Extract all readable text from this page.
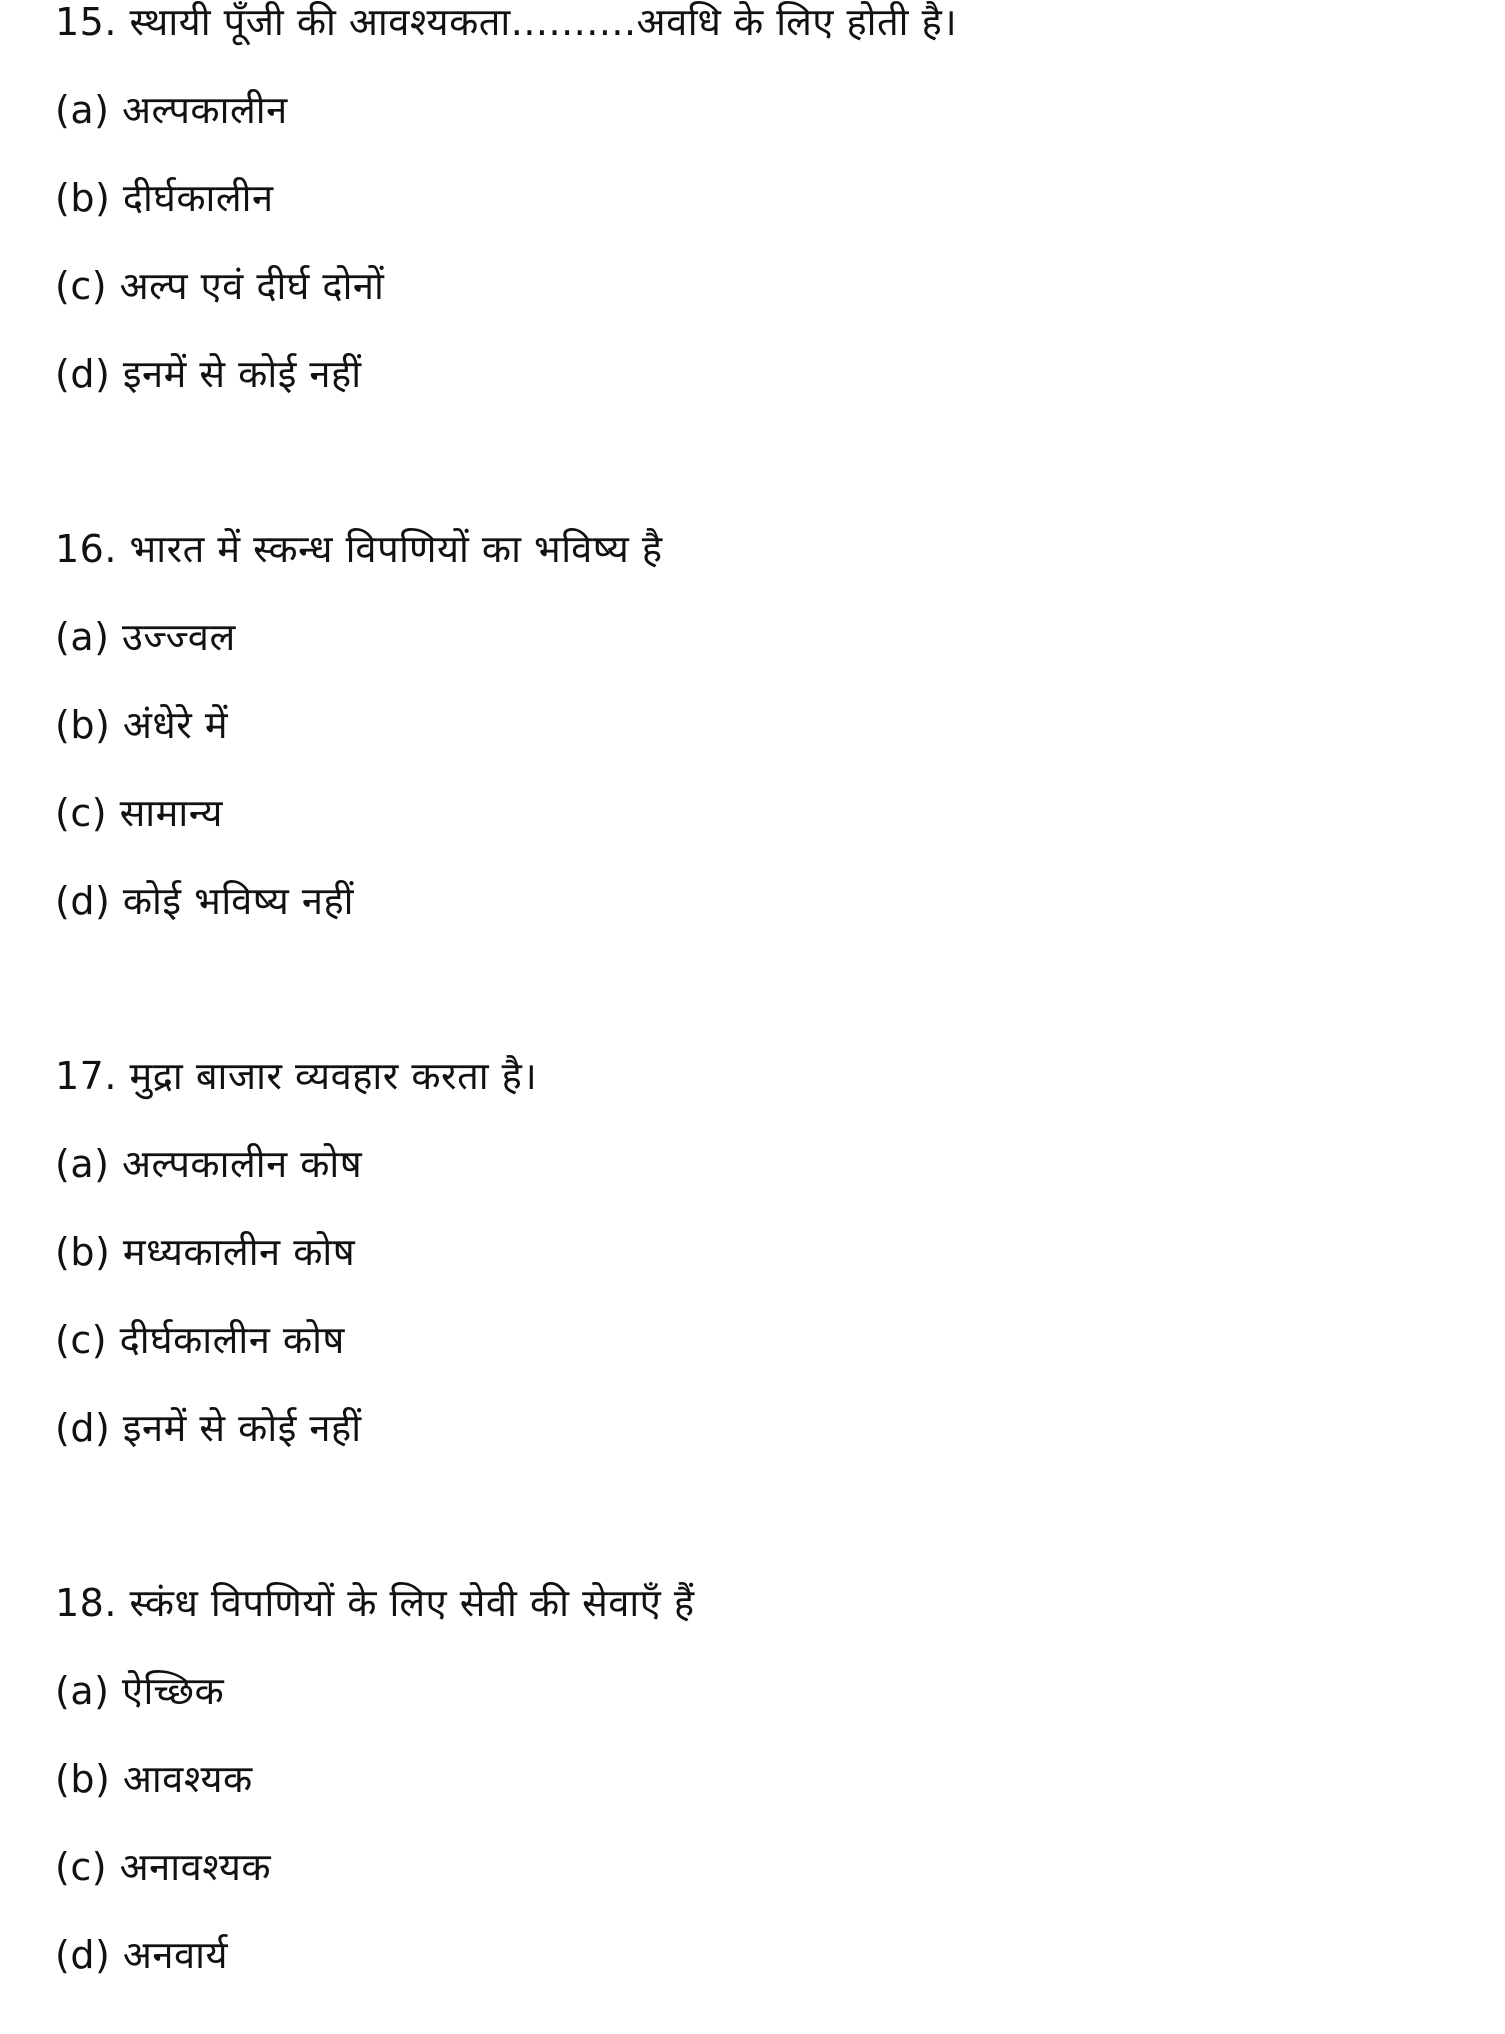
15. स्थायी पूँजी की आवश्यकता..........अवधि के लिए होती है।
(a) अल्पकालीन
(b) दीर्घकालीन
(c) अल्प एवं दीर्घ दोनों
(d) इनमें से कोई नहीं
16. भारत में स्कन्ध विपणियों का भविष्य है
(a) उज्ज्वल
(b) अंधेरे में
(c) सामान्य
(d) कोई भविष्य नहीं
17. मुद्रा बाजार व्यवहार करता है।
(a) अल्पकालीन कोष
(b) मध्यकालीन कोष
(c) दीर्घकालीन कोष
(d) इनमें से कोई नहीं
18. स्कंध विपणियों के लिए सेवी की सेवाएँ हैं
(a) ऐच्छिक
(b) आवश्यक
(c) अनावश्यक
(d) अनवार्य
